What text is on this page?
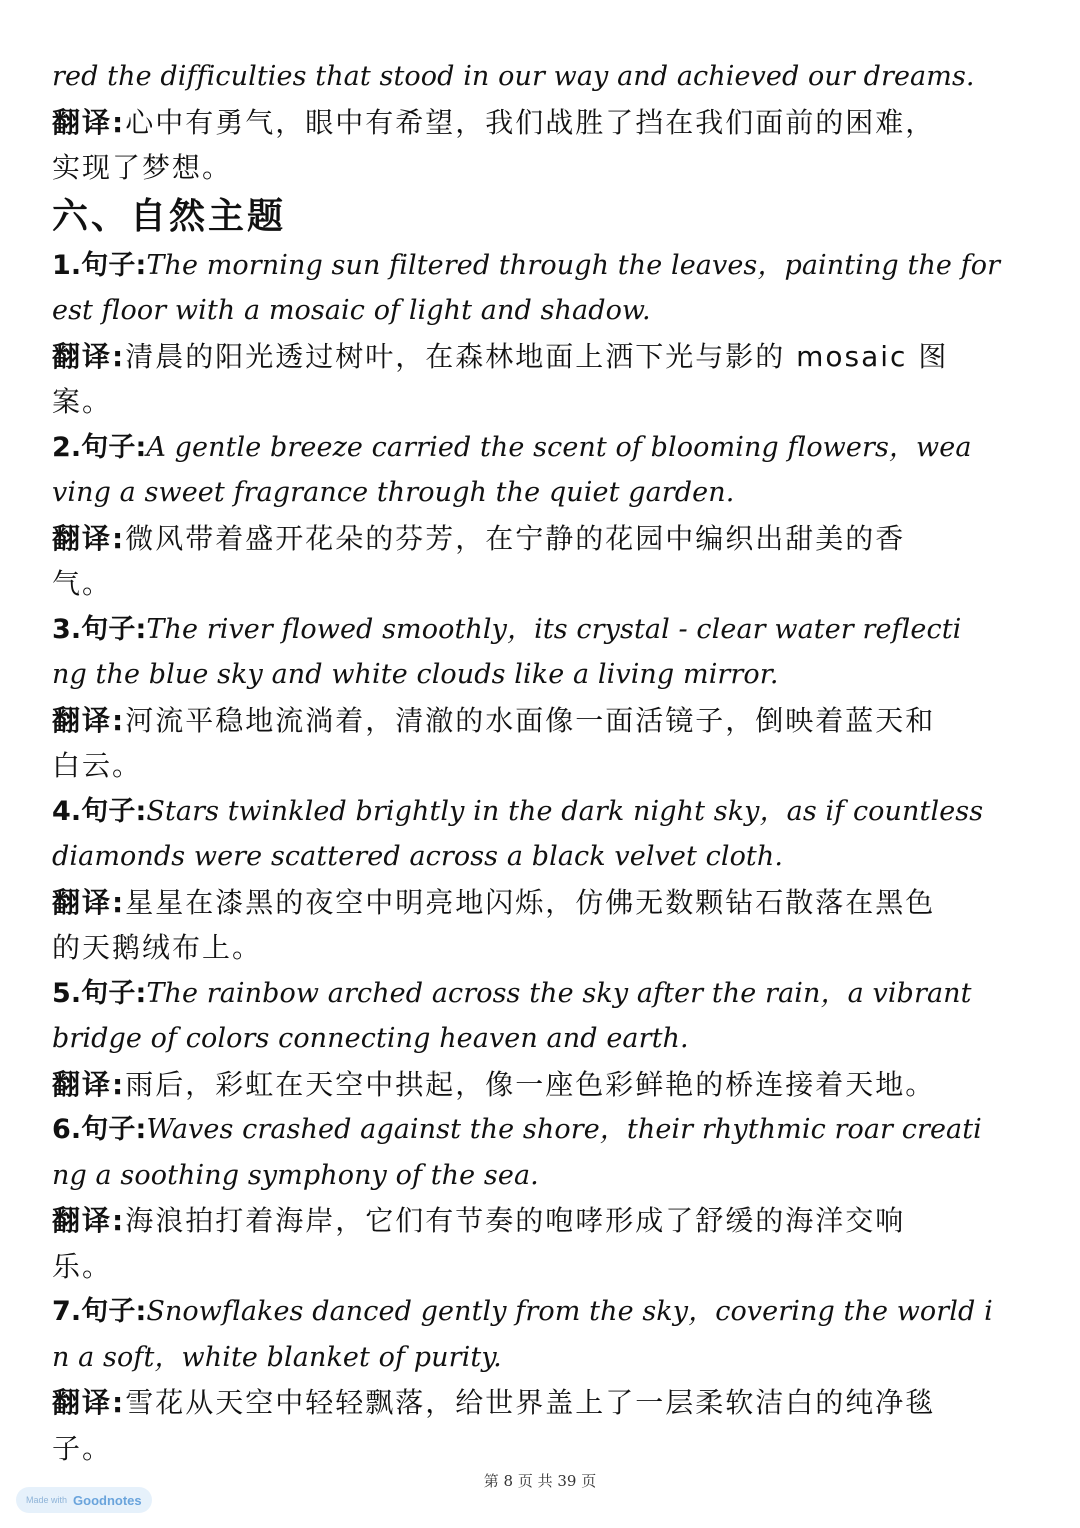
red the difficulties that stood in our way and achieved our dreams.
翻译:心中有勇气，眼中有希望，我们战胜了挡在我们面前的困难，
实现了梦想。
六、自然主题
1.句子:The morning sun filtered through the leaves，painting the for
est floor with a mosaic of light and shadow.
翻译:清晨的阳光透过树叶，在森林地面上洒下光与影的 mosaic 图
案。
2.句子:A gentle breeze carried the scent of blooming flowers，wea
ving a sweet fragrance through the quiet garden.
翻译:微风带着盛开花朵的芬芳，在宁静的花园中编织出甜美的香
气。
3.句子:The river flowed smoothly，its crystal - clear water reflecti
ng the blue sky and white clouds like a living mirror.
翻译:河流平稳地流淌着，清澈的水面像一面活镜子，倒映着蓝天和
白云。
4.句子:Stars twinkled brightly in the dark night sky，as if countless
diamonds were scattered across a black velvet cloth.
翻译:星星在漆黑的夜空中明亮地闪烁，仿佛无数颗钻石散落在黑色
的天鹅绒布上。
5.句子:The rainbow arched across the sky after the rain，a vibrant
bridge of colors connecting heaven and earth.
翻译:雨后，彩虹在天空中拱起，像一座色彩鲜艳的桥连接着天地。
6.句子:Waves crashed against the shore，their rhythmic roar creati
ng a soothing symphony of the sea.
翻译:海浪拍打着海岸，它们有节奏的咆哮形成了舒缓的海洋交响
乐。
7.句子:Snowflakes danced gently from the sky，covering the world i
n a soft，white blanket of purity.
翻译:雪花从天空中轻轻飘落，给世界盖上了一层柔软洁白的纯净毯
子。
第 8 页 共 39 页
Made with Goodnotes
